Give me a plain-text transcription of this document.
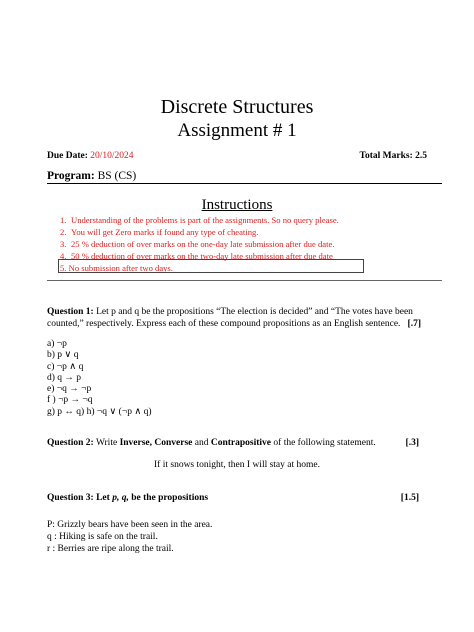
Discrete Structures
Assignment # 1
Due Date: 20/10/2024	Total Marks: 2.5
Program: BS (CS)
Instructions
1. Understanding of the problems is part of the assignments. So no query please.
2. You will get Zero marks if found any type of cheating.
3. 25 % deduction of over marks on the one-day late submission after due date.
4. 50 % deduction of over marks on the two-day late submission after due date
5. No submission after two days.
Question 1: Let p and q be the propositions “The election is decided” and “The votes have been
counted,” respectively. Express each of these compound propositions as an English sentence. [.7]
a) ¬p
b) p ∨ q
c) ¬p ∧ q
d) q → p
e) ¬q → ¬p
f ) ¬p → ¬q
g) p ↔ q) h) ¬q ∨ (¬p ∧ q)
Question 2: Write Inverse, Converse and Contrapositive of the following statement.	[.3]
If it snows tonight, then I will stay at home.
Question 3: Let p, q, be the propositions	[1.5]
P: Grizzly bears have been seen in the area.
q : Hiking is safe on the trail.
r : Berries are ripe along the trail.
